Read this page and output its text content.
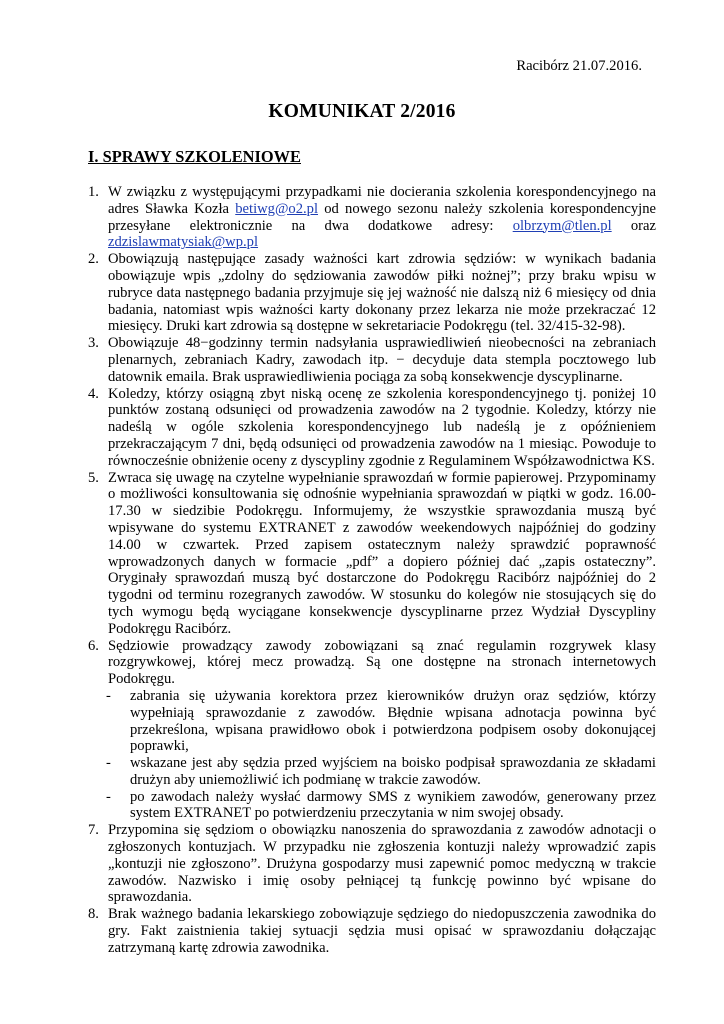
Racibórz 21.07.2016.
KOMUNIKAT 2/2016
I. SPRAWY SZKOLENIOWE
1. W związku z występującymi przypadkami nie docierania szkolenia korespondencyjnego na adres Sławka Kozła betiwg@o2.pl od nowego sezonu należy szkolenia korespondencyjne przesyłane elektronicznie na dwa dodatkowe adresy: olbrzym@tlen.pl oraz zdzislawmatysiak@wp.pl
2. Obowiązują następujące zasady ważności kart zdrowia sędziów: w wynikach badania obowiązuje wpis „zdolny do sędziowania zawodów piłki nożnej”; przy braku wpisu w rubryce data następnego badania przyjmuje się jej ważność nie dalszą niż 6 miesięcy od dnia badania, natomiast wpis ważności karty dokonany przez lekarza nie może przekraczać 12 miesięcy. Druki kart zdrowia są dostępne w sekretariacie Podokręgu (tel. 32/415-32-98).
3. Obowiązuje 48−godzinny termin nadsyłania usprawiedliwień nieobecności na zebraniach plenarnych, zebraniach Kadry, zawodach itp. − decyduje data stempla pocztowego lub datownik emaila. Brak usprawiedliwienia pociąga za sobą konsekwencje dyscyplinarne.
4. Koledzy, którzy osiągną zbyt niską ocenę ze szkolenia korespondencyjnego tj. poniżej 10 punktów zostaną odsunięci od prowadzenia zawodów na 2 tygodnie. Koledzy, którzy nie nadeślą w ogóle szkolenia korespondencyjnego lub nadeślą je z opóźnieniem przekraczającym 7 dni, będą odsunięci od prowadzenia zawodów na 1 miesiąc. Powoduje to równocześnie obniżenie oceny z dyscypliny zgodnie z Regulaminem Współzawodnictwa KS.
5. Zwraca się uwagę na czytelne wypełnianie sprawozdań w formie papierowej. Przypominamy o możliwości konsultowania się odnośnie wypełniania sprawozdań w piątki w godz. 16.00-17.30 w siedzibie Podokręgu. Informujemy, że wszystkie sprawozdania muszą być wpisywane do systemu EXTRANET z zawodów weekendowych najpóźniej do godziny 14.00 w czwartek. Przed zapisem ostatecznym należy sprawdzić poprawność wprowadzonych danych w formacie „pdf” a dopiero później dać „zapis ostateczny”. Oryginały sprawozdań muszą być dostarczone do Podokręgu Racibórz najpóźniej do 2 tygodni od terminu rozegranych zawodów. W stosunku do kolegów nie stosujących się do tych wymogu będą wyciągane konsekwencje dyscyplinarne przez Wydział Dyscypliny Podokręgu Racibórz.
6. Sędziowie prowadzący zawody zobowiązani są znać regulamin rozgrywek klasy rozgrywkowej, której mecz prowadzą. Są one dostępne na stronach internetowych Podokręgu.
- zabrania się używania korektora przez kierowników drużyn oraz sędziów, którzy wypełniają sprawozdanie z zawodów. Błędnie wpisana adnotacja powinna być przekreślona, wpisana prawidłowo obok i potwierdzona podpisem osoby dokonującej poprawki,
- wskazane jest aby sędzia przed wyjściem na boisko podpisał sprawozdania ze składami drużyn aby uniemożliwić ich podmianę w trakcie zawodów.
- po zawodach należy wysłać darmowy SMS z wynikiem zawodów, generowany przez system EXTRANET po potwierdzeniu przeczytania w nim swojej obsady.
7. Przypomina się sędziom o obowiązku nanoszenia do sprawozdania z zawodów adnotacji o zgłoszonych kontuzjach. W przypadku nie zgłoszenia kontuzji należy wprowadzić zapis „kontuzji nie zgłoszono”. Drużyna gospodarzy musi zapewnić pomoc medyczną w trakcie zawodów. Nazwisko i imię osoby pełniącej tą funkcję powinno być wpisane do sprawozdania.
8. Brak ważnego badania lekarskiego zobowiązuje sędziego do niedopuszczenia zawodnika do gry. Fakt zaistnienia takiej sytuacji sędzia musi opisać w sprawozdaniu dołączając zatrzymaną kartę zdrowia zawodnika.
